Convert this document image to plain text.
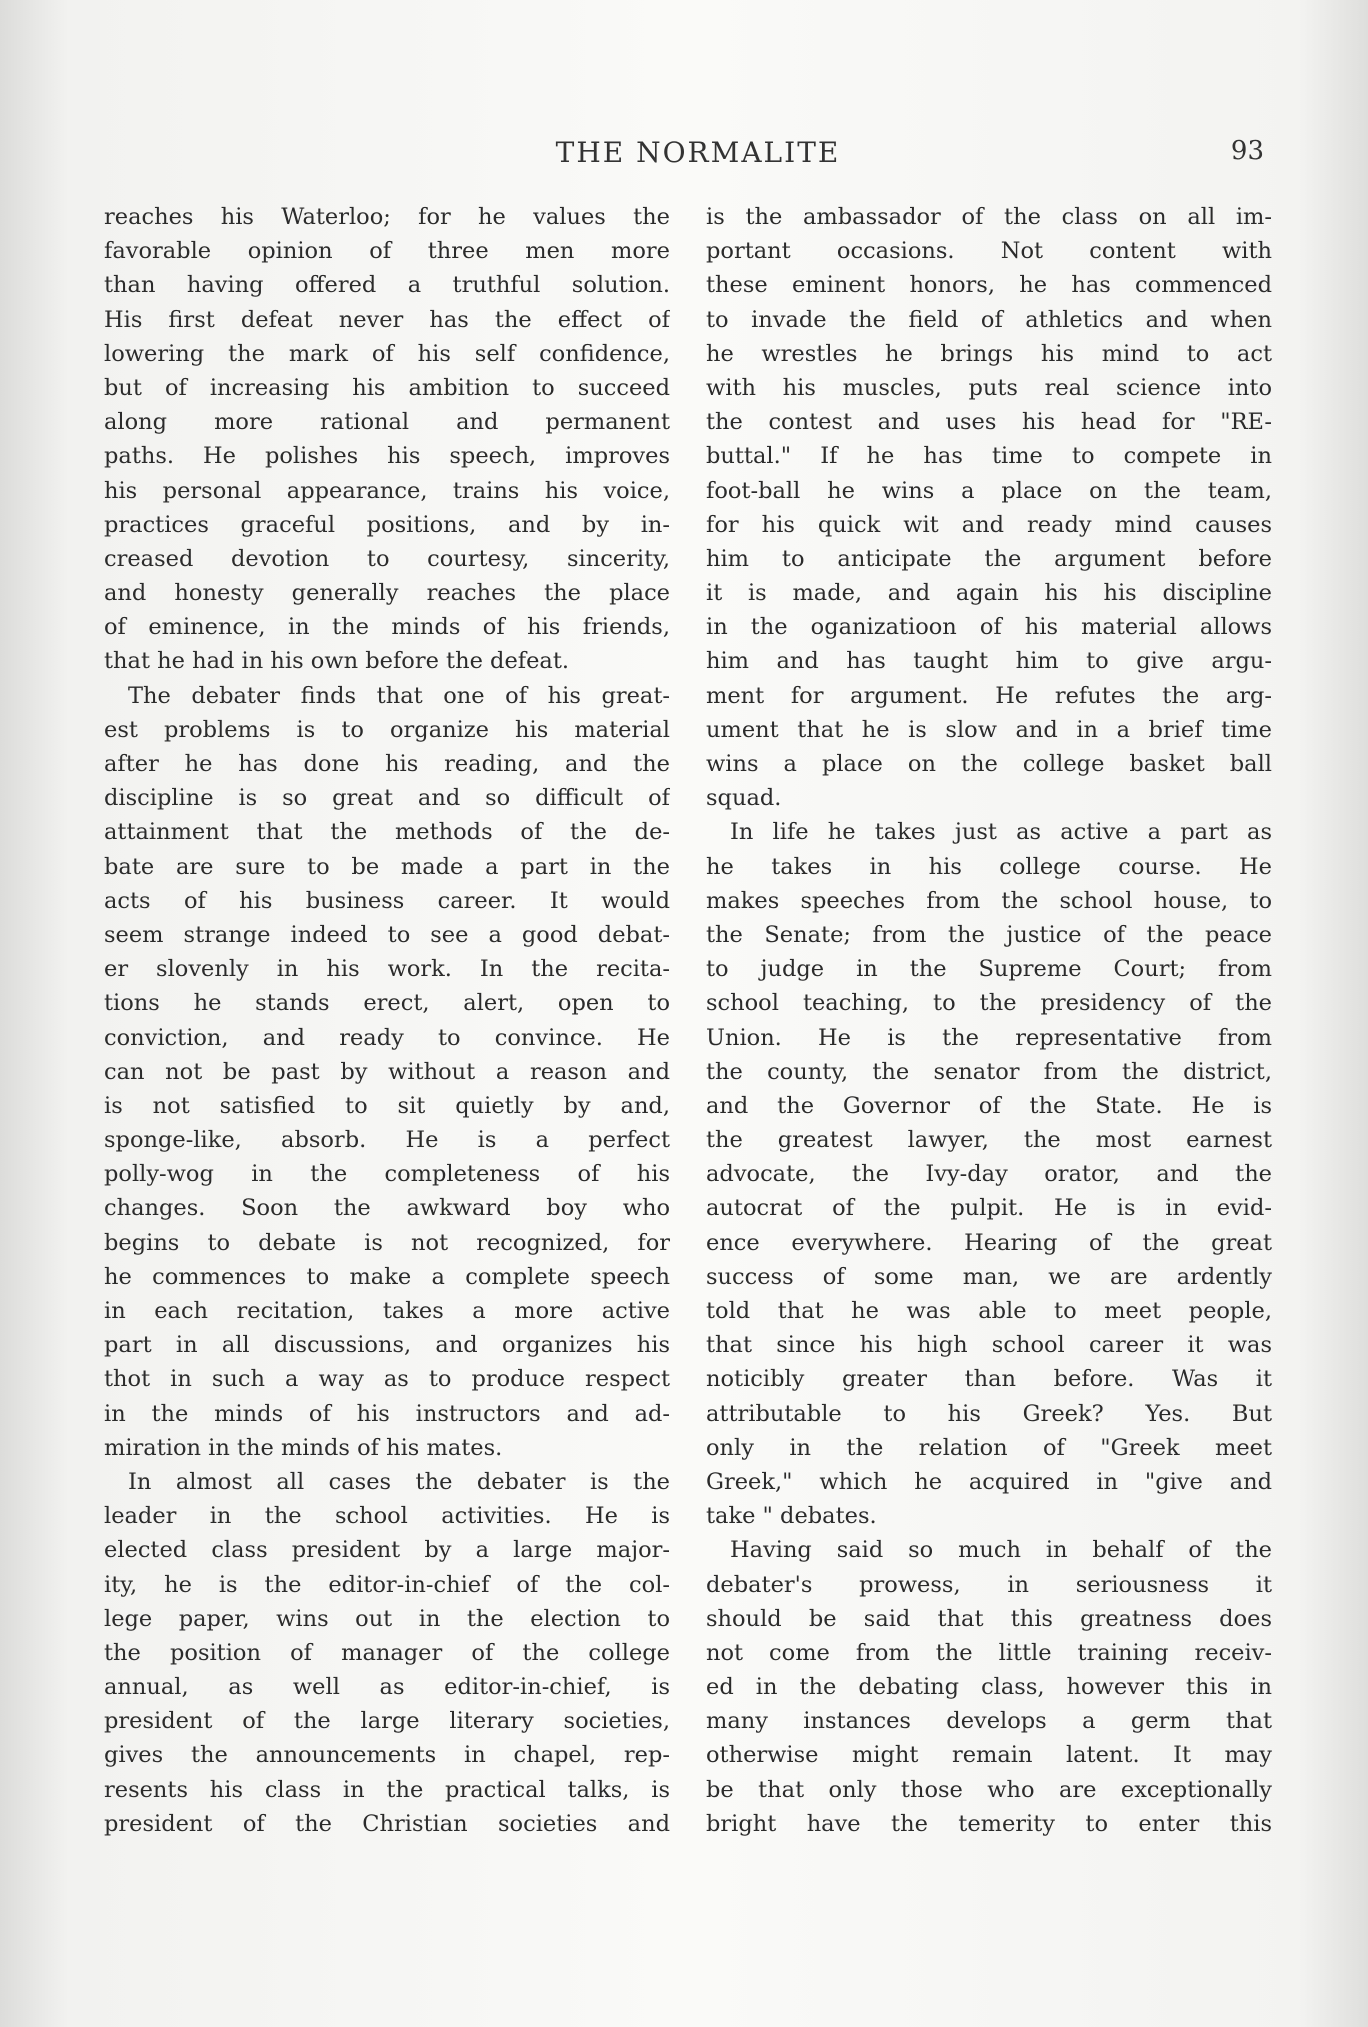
THE NORMALITE	93
reaches his Waterloo; for he values the
favorable opinion of three men more
than having offered a truthful solution.
His first defeat never has the effect of
lowering the mark of his self confidence,
but of increasing his ambition to succeed
along more rational and permanent
paths. He polishes his speech, improves
his personal appearance, trains his voice,
practices graceful positions, and by in-
creased devotion to courtesy, sincerity,
and honesty generally reaches the place
of eminence, in the minds of his friends,
that he had in his own before the defeat.
The debater finds that one of his great-
est problems is to organize his material
after he has done his reading, and the
discipline is so great and so difficult of
attainment that the methods of the de-
bate are sure to be made a part in the
acts of his business career. It would
seem strange indeed to see a good debat-
er slovenly in his work. In the recita-
tions he stands erect, alert, open to
conviction, and ready to convince. He
can not be past by without a reason and
is not satisfied to sit quietly by and,
sponge-like, absorb. He is a perfect
polly-wog in the completeness of his
changes. Soon the awkward boy who
begins to debate is not recognized, for
he commences to make a complete speech
in each recitation, takes a more active
part in all discussions, and organizes his
thot in such a way as to produce respect
in the minds of his instructors and ad-
miration in the minds of his mates.
In almost all cases the debater is the
leader in the school activities. He is
elected class president by a large major-
ity, he is the editor-in-chief of the col-
lege paper, wins out in the election to
the position of manager of the college
annual, as well as editor-in-chief, is
president of the large literary societies,
gives the announcements in chapel, rep-
resents his class in the practical talks, is
president of the Christian societies and
is the ambassador of the class on all im-
portant occasions. Not content with
these eminent honors, he has commenced
to invade the field of athletics and when
he wrestles he brings his mind to act
with his muscles, puts real science into
the contest and uses his head for "RE-
buttal." If he has time to compete in
foot-ball he wins a place on the team,
for his quick wit and ready mind causes
him to anticipate the argument before
it is made, and again his his discipline
in the oganizatioon of his material allows
him and has taught him to give argu-
ment for argument. He refutes the arg-
ument that he is slow and in a brief time
wins a place on the college basket ball
squad.
In life he takes just as active a part as
he takes in his college course. He
makes speeches from the school house, to
the Senate; from the justice of the peace
to judge in the Supreme Court; from
school teaching, to the presidency of the
Union. He is the representative from
the county, the senator from the district,
and the Governor of the State. He is
the greatest lawyer, the most earnest
advocate, the Ivy-day orator, and the
autocrat of the pulpit. He is in evid-
ence everywhere. Hearing of the great
success of some man, we are ardently
told that he was able to meet people,
that since his high school career it was
noticibly greater than before. Was it
attributable to his Greek? Yes. But
only in the relation of "Greek meet
Greek," which he acquired in "give and
take " debates.
Having said so much in behalf of the
debater's prowess, in seriousness it
should be said that this greatness does
not come from the little training receiv-
ed in the debating class, however this in
many instances develops a germ that
otherwise might remain latent. It may
be that only those who are exceptionally
bright have the temerity to enter this
